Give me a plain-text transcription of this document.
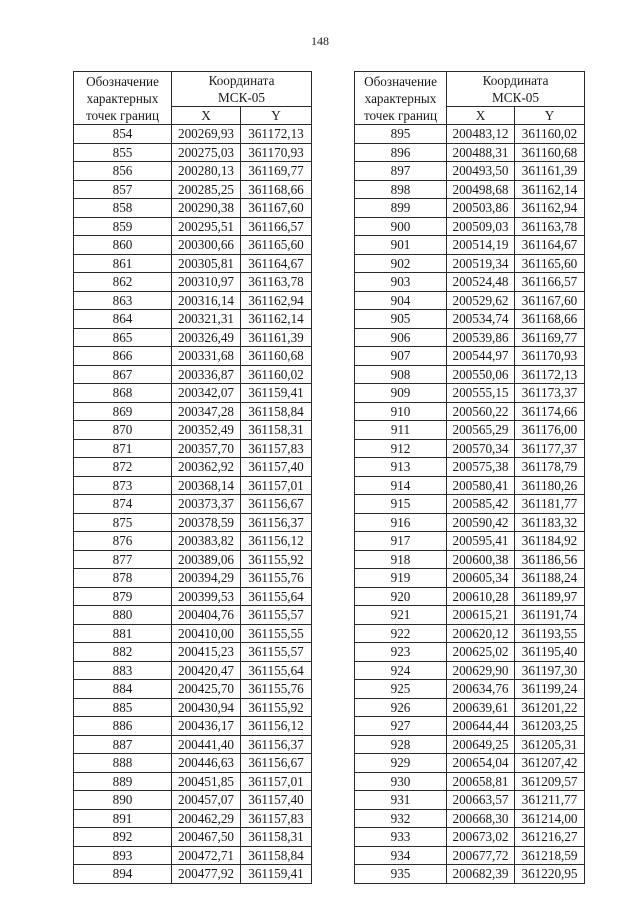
148
Обозначение
характерных
точек границ	Координата
МСК-05	
	X	Y
854	200269,93	361172,13
855	200275,03	361170,93
856	200280,13	361169,77
857	200285,25	361168,66
858	200290,38	361167,60
859	200295,51	361166,57
860	200300,66	361165,60
861	200305,81	361164,67
862	200310,97	361163,78
863	200316,14	361162,94
864	200321,31	361162,14
865	200326,49	361161,39
866	200331,68	361160,68
867	200336,87	361160,02
868	200342,07	361159,41
869	200347,28	361158,84
870	200352,49	361158,31
871	200357,70	361157,83
872	200362,92	361157,40
873	200368,14	361157,01
874	200373,37	361156,67
875	200378,59	361156,37
876	200383,82	361156,12
877	200389,06	361155,92
878	200394,29	361155,76
879	200399,53	361155,64
880	200404,76	361155,57
881	200410,00	361155,55
882	200415,23	361155,57
883	200420,47	361155,64
884	200425,70	361155,76
885	200430,94	361155,92
886	200436,17	361156,12
887	200441,40	361156,37
888	200446,63	361156,67
889	200451,85	361157,01
890	200457,07	361157,40
891	200462,29	361157,83
892	200467,50	361158,31
893	200472,71	361158,84
894	200477,92	361159,41
Обозначение
характерных
точек границ	Координата
МСК-05	
	X	Y
895	200483,12	361160,02
896	200488,31	361160,68
897	200493,50	361161,39
898	200498,68	361162,14
899	200503,86	361162,94
900	200509,03	361163,78
901	200514,19	361164,67
902	200519,34	361165,60
903	200524,48	361166,57
904	200529,62	361167,60
905	200534,74	361168,66
906	200539,86	361169,77
907	200544,97	361170,93
908	200550,06	361172,13
909	200555,15	361173,37
910	200560,22	361174,66
911	200565,29	361176,00
912	200570,34	361177,37
913	200575,38	361178,79
914	200580,41	361180,26
915	200585,42	361181,77
916	200590,42	361183,32
917	200595,41	361184,92
918	200600,38	361186,56
919	200605,34	361188,24
920	200610,28	361189,97
921	200615,21	361191,74
922	200620,12	361193,55
923	200625,02	361195,40
924	200629,90	361197,30
925	200634,76	361199,24
926	200639,61	361201,22
927	200644,44	361203,25
928	200649,25	361205,31
929	200654,04	361207,42
930	200658,81	361209,57
931	200663,57	361211,77
932	200668,30	361214,00
933	200673,02	361216,27
934	200677,72	361218,59
935	200682,39	361220,95
